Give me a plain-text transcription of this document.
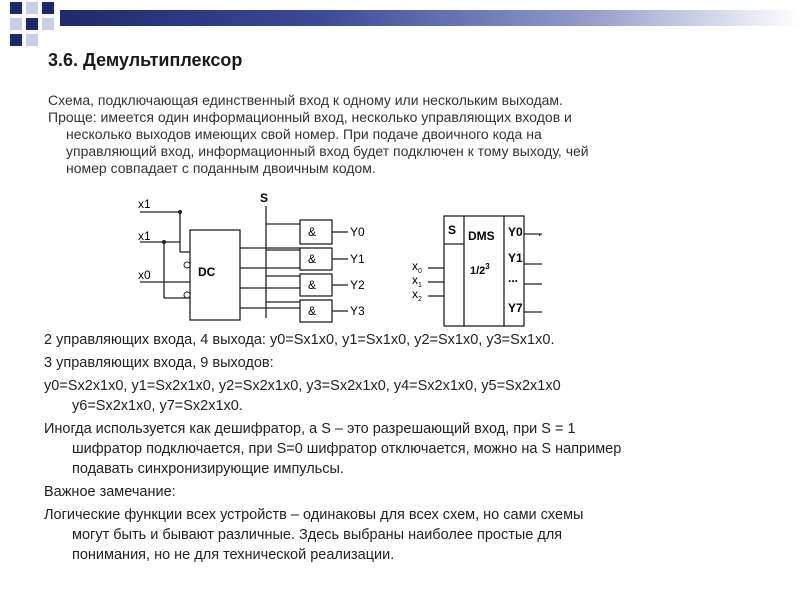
3.6. Демультиплексор
Схема, подключающая единственный вход к одному или нескольким выходам.
Проще: имеется один информационный вход, несколько управляющих входов и
несколько выходов имеющих свой номер. При подаче двоичного кода на
управляющий вход, информационный вход будет подключен к тому выходу, чей
номер совпадает с поданным двоичным кодом.
x1
x1
x0
S
DC
&
&
&
&
Y0
Y1
Y2
Y3
S DMS
$1/2^3$
Y0
Y1
...
Y7
.
$x_0$
$x_1$
$x_2$
2 управляющих входа, 4 выхода: y0=Sx1x0, y1=Sx1x0, y2=Sx1x0, y3=Sx1x0.
3 управляющих входа, 9 выходов:
y0=Sx2x1x0, y1=Sx2x1x0, y2=Sx2x1x0, y3=Sx2x1x0, y4=Sx2x1x0, y5=Sx2x1x0
y6=Sx2x1x0, y7=Sx2x1x0.
Иногда используется как дешифратор, а S – это разрешающий вход, при S = 1
шифратор подключается, при S=0 шифратор отключается, можно на S например
подавать синхронизирующие импульсы.
Важное замечание:
Логические функции всех устройств – одинаковы для всех схем, но сами схемы
могут быть и бывают различные. Здесь выбраны наиболее простые для
понимания, но не для технической реализации.
